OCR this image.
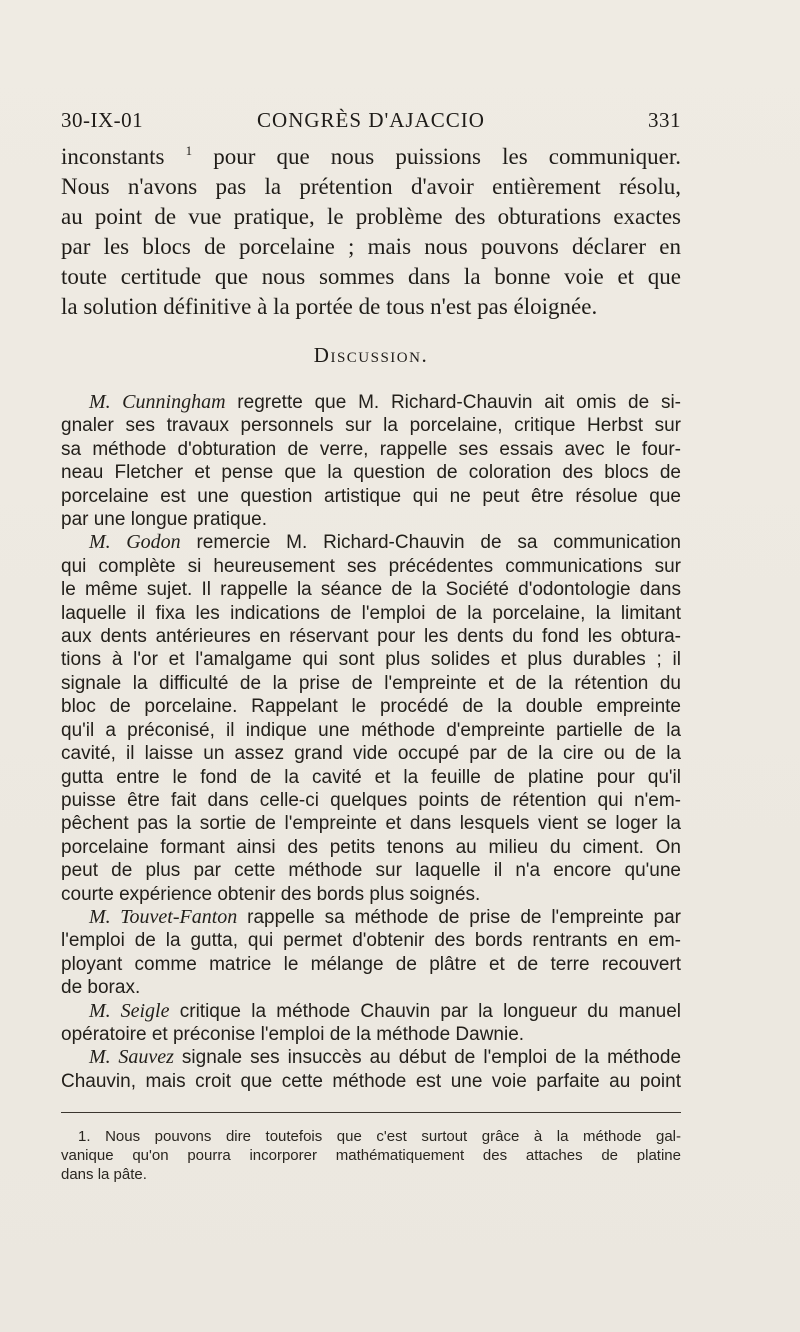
30-IX-01	CONGRÈS D'AJACCIO	331
inconstants $^1$ pour que nous puissions les communiquer.
Nous n'avons pas la prétention d'avoir entièrement résolu,
au point de vue pratique, le problème des obturations exactes
par les blocs de porcelaine ; mais nous pouvons déclarer en
toute certitude que nous sommes dans la bonne voie et que
la solution définitive à la portée de tous n'est pas éloignée.
Discussion.
M. Cunningham regrette que M. Richard-Chauvin ait omis de si-
gnaler ses travaux personnels sur la porcelaine, critique Herbst sur
sa méthode d'obturation de verre, rappelle ses essais avec le four-
neau Fletcher et pense que la question de coloration des blocs de
porcelaine est une question artistique qui ne peut être résolue que
par une longue pratique.
M. Godon remercie M. Richard-Chauvin de sa communication
qui complète si heureusement ses précédentes communications sur
le même sujet. Il rappelle la séance de la Société d'odontologie dans
laquelle il fixa les indications de l'emploi de la porcelaine, la limitant
aux dents antérieures en réservant pour les dents du fond les obtura-
tions à l'or et l'amalgame qui sont plus solides et plus durables ; il
signale la difficulté de la prise de l'empreinte et de la rétention du
bloc de porcelaine. Rappelant le procédé de la double empreinte
qu'il a préconisé, il indique une méthode d'empreinte partielle de la
cavité, il laisse un assez grand vide occupé par de la cire ou de la
gutta entre le fond de la cavité et la feuille de platine pour qu'il
puisse être fait dans celle-ci quelques points de rétention qui n'em-
pêchent pas la sortie de l'empreinte et dans lesquels vient se loger la
porcelaine formant ainsi des petits tenons au milieu du ciment. On
peut de plus par cette méthode sur laquelle il n'a encore qu'une
courte expérience obtenir des bords plus soignés.
M. Touvet-Fanton rappelle sa méthode de prise de l'empreinte par
l'emploi de la gutta, qui permet d'obtenir des bords rentrants en em-
ployant comme matrice le mélange de plâtre et de terre recouvert
de borax.
M. Seigle critique la méthode Chauvin par la longueur du manuel
opératoire et préconise l'emploi de la méthode Dawnie.
M. Sauvez signale ses insuccès au début de l'emploi de la méthode
Chauvin, mais croit que cette méthode est une voie parfaite au point
1. Nous pouvons dire toutefois que c'est surtout grâce à la méthode gal-
vanique qu'on pourra incorporer mathématiquement des attaches de platine
dans la pâte.
